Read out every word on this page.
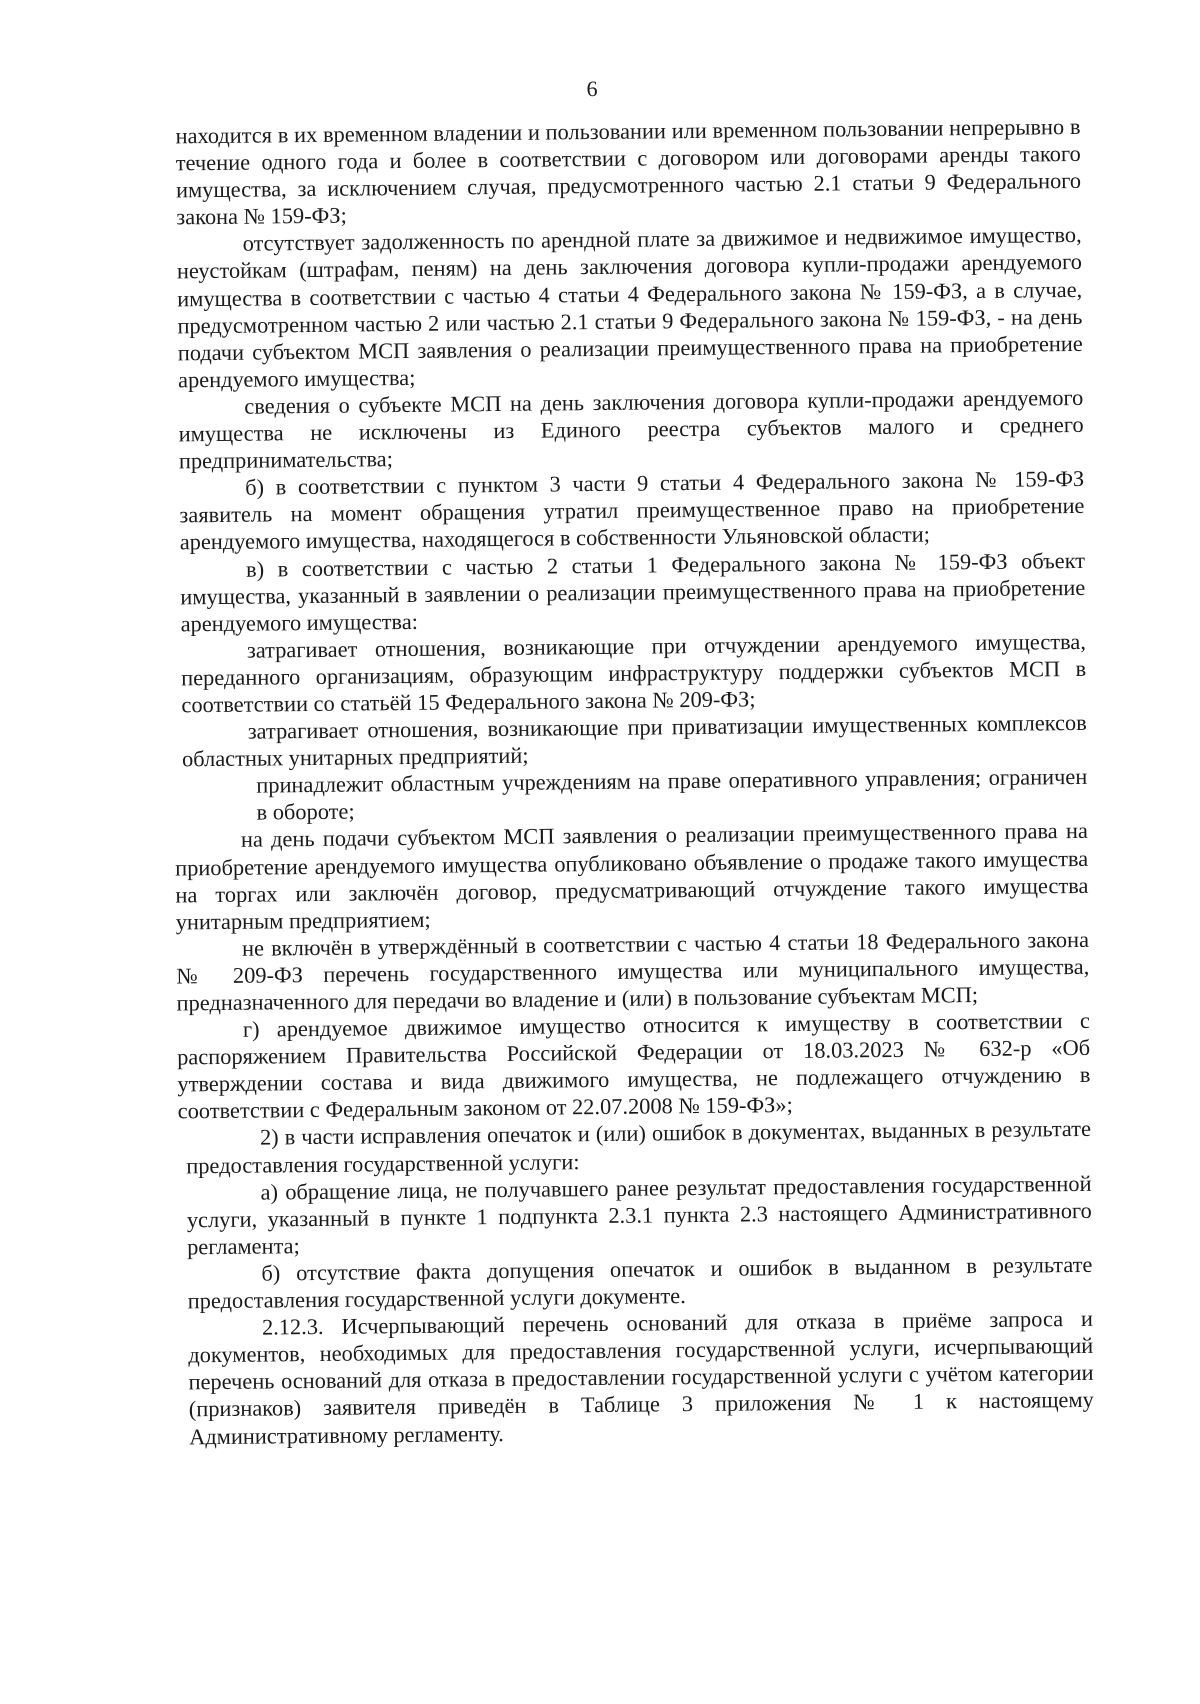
6

находится в их временном владении и пользовании или временном пользовании непрерывно в течение одного года и более в соответствии с договором или договорами аренды такого имущества, за исключением случая, предусмотренного частью 2.1 статьи 9 Федерального закона № 159-ФЗ;

отсутствует задолженность по арендной плате за движимое и недвижимое имущество, неустойкам (штрафам, пеням) на день заключения договора купли-продажи арендуемого имущества в соответствии с частью 4 статьи 4 Федерального закона № 159-ФЗ, а в случае, предусмотренном частью 2 или частью 2.1 статьи 9 Федерального закона № 159-ФЗ, - на день подачи субъектом МСП заявления о реализации преимущественного права на приобретение арендуемого имущества;

сведения о субъекте МСП на день заключения договора купли-продажи арендуемого имущества не исключены из Единого реестра субъектов малого и среднего предпринимательства;

б) в соответствии с пунктом 3 части 9 статьи 4 Федерального закона № 159-ФЗ заявитель на момент обращения утратил преимущественное право на приобретение арендуемого имущества, находящегося в собственности Ульяновской области;

в) в соответствии с частью 2 статьи 1 Федерального закона № 159-ФЗ объект имущества, указанный в заявлении о реализации преимущественного права на приобретение арендуемого имущества:

затрагивает отношения, возникающие при отчуждении арендуемого имущества, переданного организациям, образующим инфраструктуру поддержки субъектов МСП в соответствии со статьёй 15 Федерального закона № 209-ФЗ;

затрагивает отношения, возникающие при приватизации имущественных комплексов областных унитарных предприятий;

принадлежит областным учреждениям на праве оперативного управления; ограничен в обороте;

на день подачи субъектом МСП заявления о реализации преимущественного права на приобретение арендуемого имущества опубликовано объявление о продаже такого имущества на торгах или заключён договор, предусматривающий отчуждение такого имущества унитарным предприятием;

не включён в утверждённый в соответствии с частью 4 статьи 18 Федерального закона № 209-ФЗ перечень государственного имущества или муниципального имущества, предназначенного для передачи во владение и (или) в пользование субъектам МСП;

г) арендуемое движимое имущество относится к имуществу в соответствии с распоряжением Правительства Российской Федерации от 18.03.2023 № 632-р «Об утверждении состава и вида движимого имущества, не подлежащего отчуждению в соответствии с Федеральным законом от 22.07.2008 № 159-ФЗ»;

2) в части исправления опечаток и (или) ошибок в документах, выданных в результате предоставления государственной услуги:

а) обращение лица, не получавшего ранее результат предоставления государственной услуги, указанный в пункте 1 подпункта 2.3.1 пункта 2.3 настоящего Административного регламента;

б) отсутствие факта допущения опечаток и ошибок в выданном в результате предоставления государственной услуги документе.

2.12.3. Исчерпывающий перечень оснований для отказа в приёме запроса и документов, необходимых для предоставления государственной услуги, исчерпывающий перечень оснований для отказа в предоставлении государственной услуги с учётом категории (признаков) заявителя приведён в Таблице 3 приложения № 1 к настоящему Административному регламенту.
